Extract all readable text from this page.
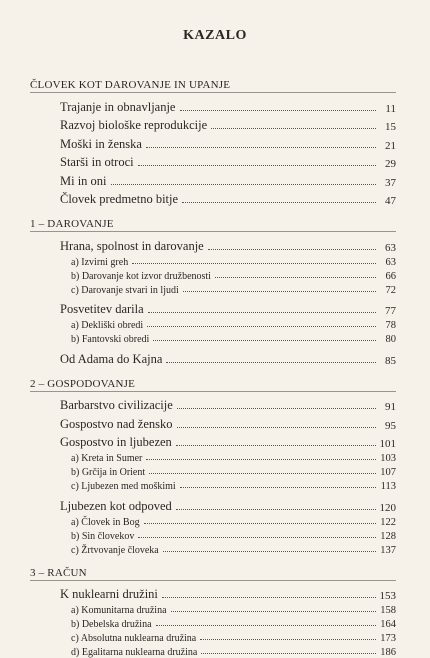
KAZALO
ČLOVEK KOT DAROVANJE IN UPANJE
Trajanje in obnavljanje	11
Razvoj biološke reprodukcije	15
Moški in ženska	21
Starši in otroci	29
Mi in oni	37
Človek predmetno bitje	47
1 – DAROVANJE
Hrana, spolnost in darovanje	63
a) Izvirni greh	63
b) Darovanje kot izvor družbenosti	66
c) Darovanje stvari in ljudi	72
Posvetitev darila	77
a) Dekliški obredi	78
b) Fantovski obredi	80
Od Adama do Kajna	85
2 – GOSPODOVANJE
Barbarstvo civilizacije	91
Gospostvo nad žensko	95
Gospostvo in ljubezen	101
a) Kreta in Sumer	103
b) Grčija in Orient	107
c) Ljubezen med moškimi	113
Ljubezen kot odpoved	120
a) Človek in Bog	122
b) Sin človekov	128
c) Žrtvovanje človeka	137
3 – RAČUN
K nuklearni družini	153
a) Komunitarna družina	158
b) Debelska družina	164
c) Absolutna nuklearna družina	173
d) Egalitarna nuklearna družina	186
